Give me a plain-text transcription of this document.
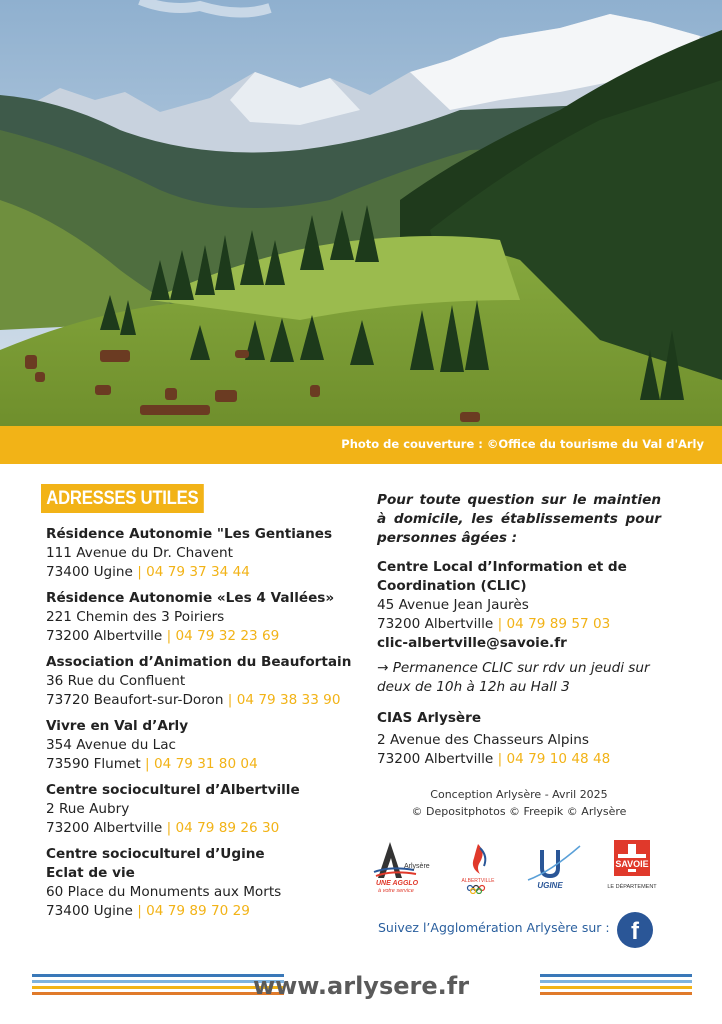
Photo de couverture : ©Office du tourisme du Val d'Arly
ADRESSES UTILES
Résidence Autonomie "Les Gentianes
111 Avenue du Dr. Chavent
73400 Ugine | 04 79 37 34 44
Résidence Autonomie «Les 4 Vallées»
221 Chemin des 3 Poiriers
73200 Albertville | 04 79 32 23 69
Association d’Animation du Beaufortain
36 Rue du Confluent
73720 Beaufort-sur-Doron | 04 79 38 33 90
Vivre en Val d’Arly
354 Avenue du Lac
73590 Flumet | 04 79 31 80 04
Centre socioculturel d’Albertville
2 Rue Aubry
73200 Albertville | 04 79 89 26 30
Centre socioculturel d’Ugine
Eclat de vie
60 Place du Monuments aux Morts
73400 Ugine | 04 79 89 70 29
Pour toute question sur le maintien à domicile, les établissements pour personnes âgées :
Centre Local d’Information et de Coordination (CLIC)
45 Avenue Jean Jaurès
73200 Albertville | 04 79 89 57 03
clic-albertville@savoie.fr
→ Permanence CLIC sur rdv un jeudi sur deux de 10h à 12h au Hall 3
CIAS Arlysère
2 Avenue des Chasseurs Alpins
73200 Albertville | 04 79 10 48 48
Conception Arlysère - Avril 2025
© Depositphotos © Freepik © Arlysère
Arlysère
UNE AGGLO
à votre service
ALBERTVILLE	UGINE
SAVOIE
LE DÉPARTEMENT
Suivez l’Agglomération Arlysère sur : f
www.arlysere.fr
